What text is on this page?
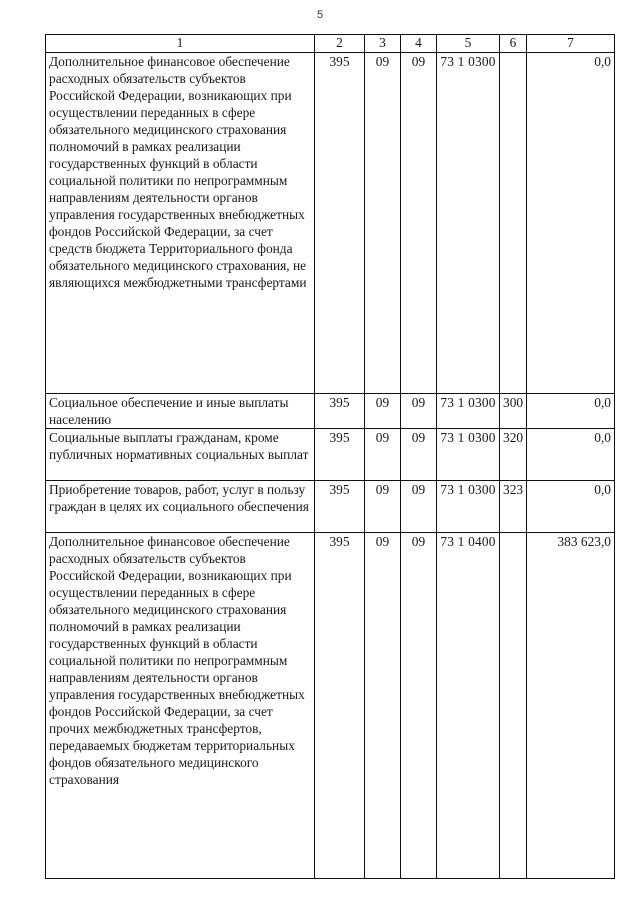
5
1	2	3	4	5	6	7
Дополнительное финансовое обеспечение расходных обязательств субъектов Российской Федерации, возникающих при осуществлении переданных в сфере обязательного медицинского страхования полномочий в рамках реализации государственных функций в области социальной политики по непрограммным направлениям деятельности органов управления государственных внебюджетных фондов Российской Федерации, за счет средств бюджета Территориального фонда обязательного медицинского страхования, не являющихся межбюджетными трансфертами	395	09	09	73 1 0300		0,0
Социальное обеспечение и иные выплаты населению	395	09	09	73 1 0300	300	0,0
Социальные выплаты гражданам, кроме публичных нормативных социальных выплат	395	09	09	73 1 0300	320	0,0
Приобретение товаров, работ, услуг в пользу граждан в целях их социального обеспечения	395	09	09	73 1 0300	323	0,0
Дополнительное финансовое обеспечение расходных обязательств субъектов Российской Федерации, возникающих при осуществлении переданных в сфере обязательного медицинского страхования полномочий в рамках реализации государственных функций в области социальной политики по непрограммным направлениям деятельности органов управления государственных внебюджетных фондов Российской Федерации, за счет прочих межбюджетных трансфертов, передаваемых бюджетам территориальных фондов обязательного медицинского страхования	395	09	09	73 1 0400		383 623,0
